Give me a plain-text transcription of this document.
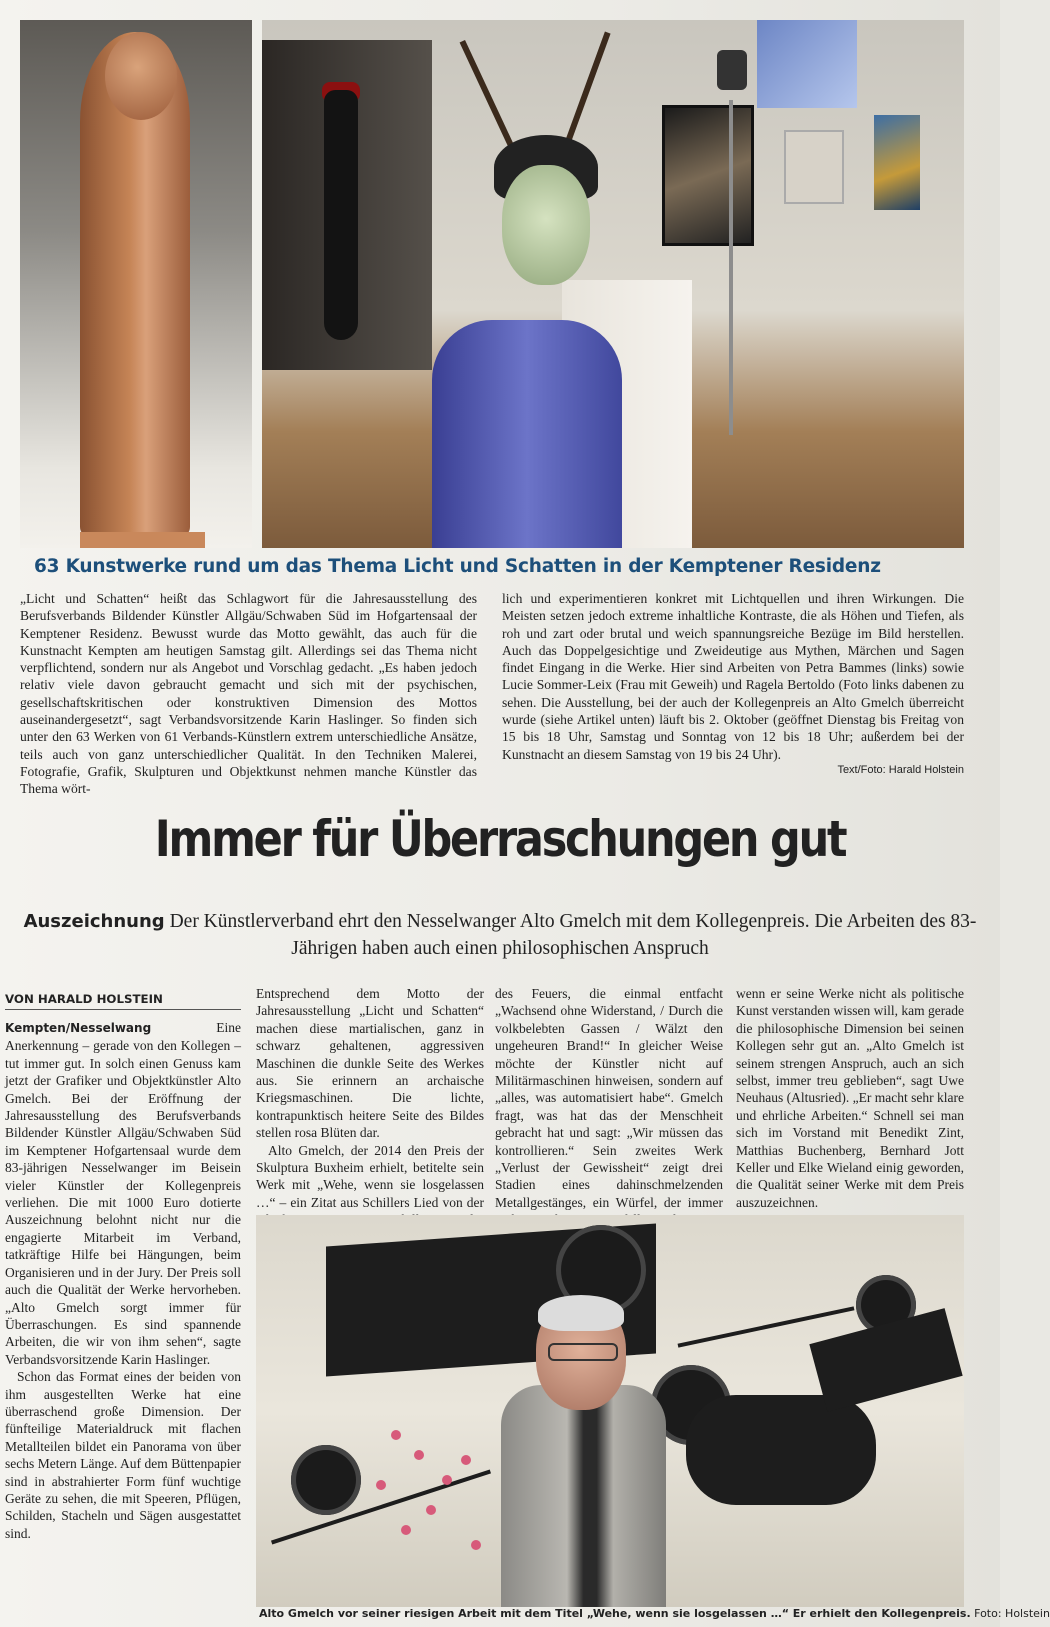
63 Kunstwerke rund um das Thema Licht und Schatten in der Kemptener Residenz
„Licht und Schatten“ heißt das Schlagwort für die Jahresausstellung des Berufsverbands Bildender Künstler Allgäu/Schwaben Süd im Hofgartensaal der Kemptener Residenz. Bewusst wurde das Motto gewählt, das auch für die Kunstnacht Kempten am heutigen Samstag gilt. Allerdings sei das Thema nicht verpflichtend, sondern nur als Angebot und Vorschlag gedacht. „Es haben jedoch relativ viele davon gebraucht gemacht und sich mit der psychischen, gesellschaftskritischen oder konstruktiven Dimension des Mottos auseinandergesetzt“, sagt Verbandsvorsitzende Karin Haslinger. So finden sich unter den 63 Werken von 61 Verbands-Künstlern extrem unterschiedliche Ansätze, teils auch von ganz unterschiedlicher Qualität. In den Techniken Malerei, Fotografie, Grafik, Skulpturen und Objektkunst nehmen manche Künstler das Thema wört-
lich und experimentieren konkret mit Lichtquellen und ihren Wirkungen. Die Meisten setzen jedoch extreme inhaltliche Kontraste, die als Höhen und Tiefen, als roh und zart oder brutal und weich spannungsreiche Bezüge im Bild herstellen. Auch das Doppelgesichtige und Zweideutige aus Mythen, Märchen und Sagen findet Eingang in die Werke. Hier sind Arbeiten von Petra Bammes (links) sowie Lucie Sommer-Leix (Frau mit Geweih) und Ragela Bertoldo (Foto links dabenen zu sehen. Die Ausstellung, bei der auch der Kollegenpreis an Alto Gmelch überreicht wurde (siehe Artikel unten) läuft bis 2. Oktober (geöffnet Dienstag bis Freitag von 15 bis 18 Uhr, Samstag und Sonntag von 12 bis 18 Uhr; außerdem bei der Kunstnacht an diesem Samstag von 19 bis 24 Uhr).
Text/Foto: Harald Holstein
Immer für Überraschungen gut
Auszeichnung Der Künstlerverband ehrt den Nesselwanger Alto Gmelch mit dem Kollegenpreis. Die Arbeiten des 83-Jährigen haben auch einen philosophischen Anspruch
VON HARALD HOLSTEIN

Kempten/Nesselwang	Eine Anerkennung – gerade von den Kollegen – tut immer gut. In solch einen Genuss kam jetzt der Grafiker und Objektkünstler Alto Gmelch. Bei der Eröffnung der Jahresausstellung des Berufsverbands Bildender Künstler Allgäu/Schwaben Süd im Kemptener Hofgartensaal wurde dem 83-jährigen Nesselwanger im Beisein vieler Künstler der Kollegenpreis verliehen. Die mit 1000 Euro dotierte Auszeichnung belohnt nicht nur die engagierte Mitarbeit im Verband, tatkräftige Hilfe bei Hängungen, beim Organisieren und in der Jury. Der Preis soll auch die Qualität der Werke hervorheben. „Alto Gmelch sorgt immer für Überraschungen. Es sind spannende Arbeiten, die wir von ihm sehen“, sagte Verbandsvorsitzende Karin Haslinger.

Schon das Format eines der beiden von ihm ausgestellten Werke hat eine überraschend große Dimension. Der fünfteilige Materialdruck mit flachen Metallteilen bildet ein Panorama von über sechs Metern Länge. Auf dem Büttenpapier sind in abstrahierter Form fünf wuchtige Geräte zu sehen, die mit Speeren, Pflügen, Schilden, Stacheln und Sägen ausgestattet sind.

Entsprechend dem Motto der Jahresausstellung „Licht und Schatten“ machen diese martialischen, ganz in schwarz gehaltenen, aggressiven Maschinen die dunkle Seite des Werkes aus. Sie erinnern an archaische Kriegsmaschinen. Die lichte, kontrapunktisch heitere Seite des Bildes stellen rosa Blüten dar.

Alto Gmelch, der 2014 den Preis der Skulptura Buxheim erhielt, betitelte sein Werk mit „Wehe, wenn sie losgelassen …“ – ein Zitat aus Schillers Lied von der

des Feuers, die einmal entfacht „Wachsend ohne Widerstand, / Durch die volkbelebten Gassen / Wälzt den ungeheuren Brand!“ In gleicher Weise möchte der Künstler nicht auf Militärmaschinen hinweisen, sondern auf „alles, was automatisiert habe“. Gmelch fragt, was hat das der Menschheit gebracht hat und sagt: „Wir müssen das kontrollieren.“ Sein zweites Werk „Verlust der Gewissheit“ zeigt drei Stadien eines dahinschmelzenden Metallgestänges, ein Würfel, der immer

wenn er seine Werke nicht als politische Kunst verstanden wissen will, kam gerade die philosophische Dimension bei seinen Kollegen sehr gut an. „Alto Gmelch ist seinem strengen Anspruch, auch an sich selbst, immer treu geblieben“, sagt Uwe Neuhaus (Altusried). „Er macht sehr klare und ehrliche Arbeiten.“ Schnell sei man sich im Vorstand mit Benedikt Zint, Matthias Buchenberg, Bernhard Jott Keller und Elke Wieland einig geworden, die Qualität seiner Werke mit dem Preis auszuzeichnen.

Alto Gmelch vor seiner riesigen Arbeit mit dem Titel „Wehe, wenn sie losgelassen …“ Er erhielt den Kollegenpreis. Foto: Holstein
